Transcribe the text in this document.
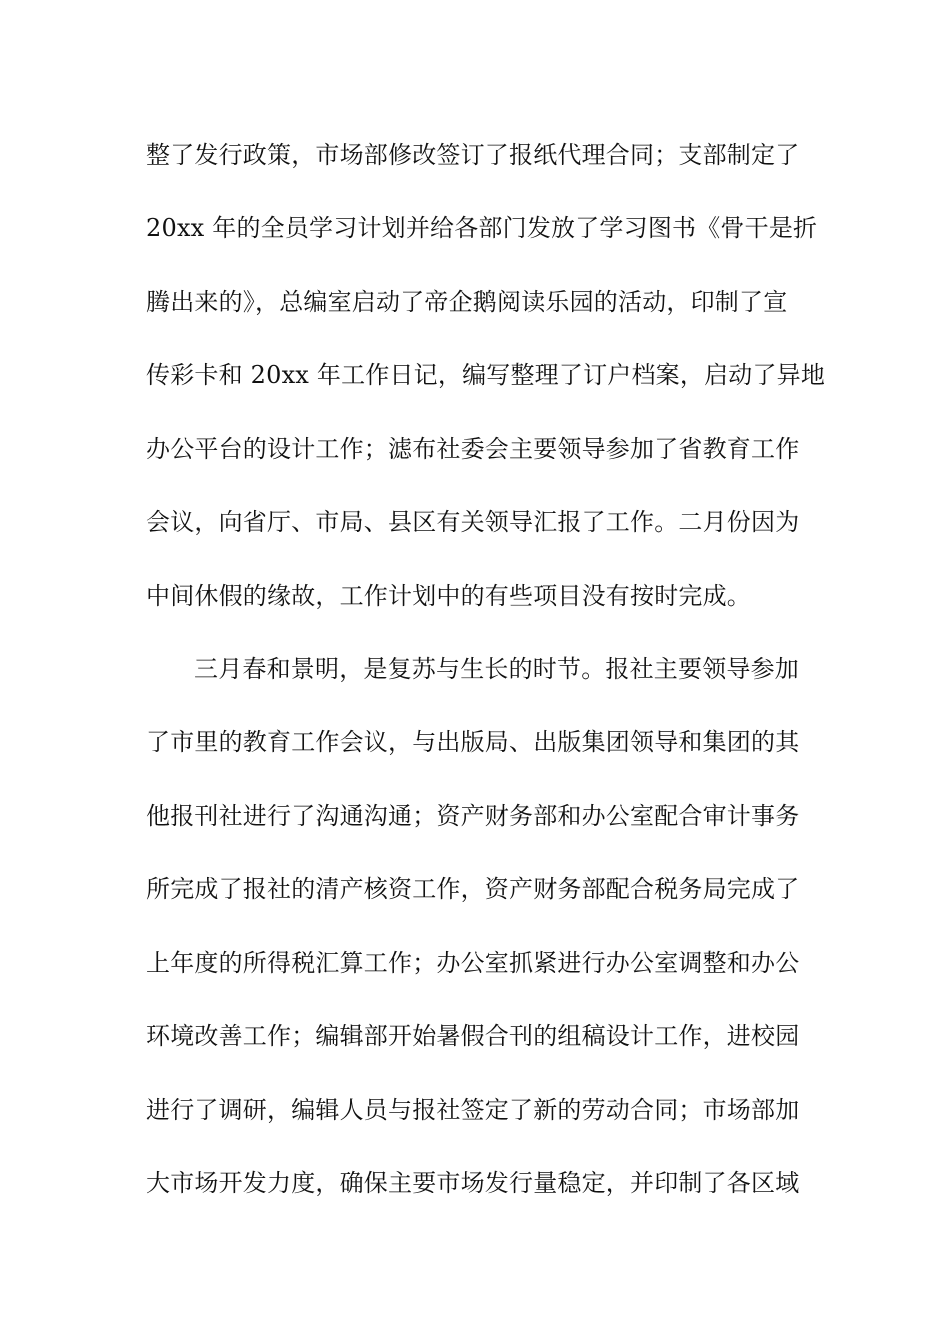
整了发行政策，市场部修改签订了报纸代理合同；支部制定了
20xx 年的全员学习计划并给各部门发放了学习图书《骨干是折
腾出来的》，总编室启动了帝企鹅阅读乐园的活动，印制了宣
传彩卡和 20xx 年工作日记，编写整理了订户档案，启动了异地
办公平台的设计工作；滤布社委会主要领导参加了省教育工作
会议，向省厅、市局、县区有关领导汇报了工作。二月份因为
中间休假的缘故，工作计划中的有些项目没有按时完成。
三月春和景明，是复苏与生长的时节。报社主要领导参加
了市里的教育工作会议，与出版局、出版集团领导和集团的其
他报刊社进行了沟通沟通；资产财务部和办公室配合审计事务
所完成了报社的清产核资工作，资产财务部配合税务局完成了
上年度的所得税汇算工作；办公室抓紧进行办公室调整和办公
环境改善工作；编辑部开始暑假合刊的组稿设计工作，进校园
进行了调研，编辑人员与报社签定了新的劳动合同；市场部加
大市场开发力度，确保主要市场发行量稳定，并印制了各区域
